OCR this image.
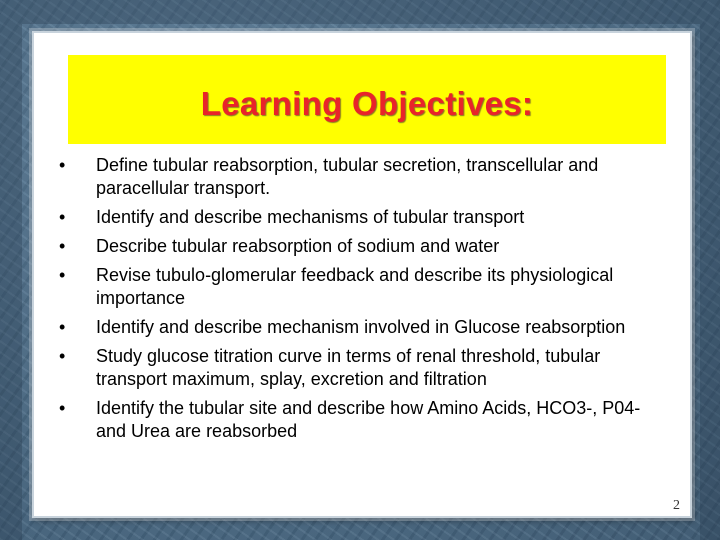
Learning Objectives:
• Define tubular reabsorption, tubular secretion, transcellular and paracellular transport.
• Identify and describe mechanisms of tubular transport
• Describe tubular reabsorption of sodium and water
• Revise tubulo-glomerular feedback and describe its physiological importance
• Identify and describe mechanism involved in Glucose reabsorption
• Study glucose titration curve in terms of renal threshold, tubular transport maximum, splay, excretion and filtration
• Identify the tubular site and describe how Amino Acids, HCO3-, P04- and Urea are reabsorbed
2
